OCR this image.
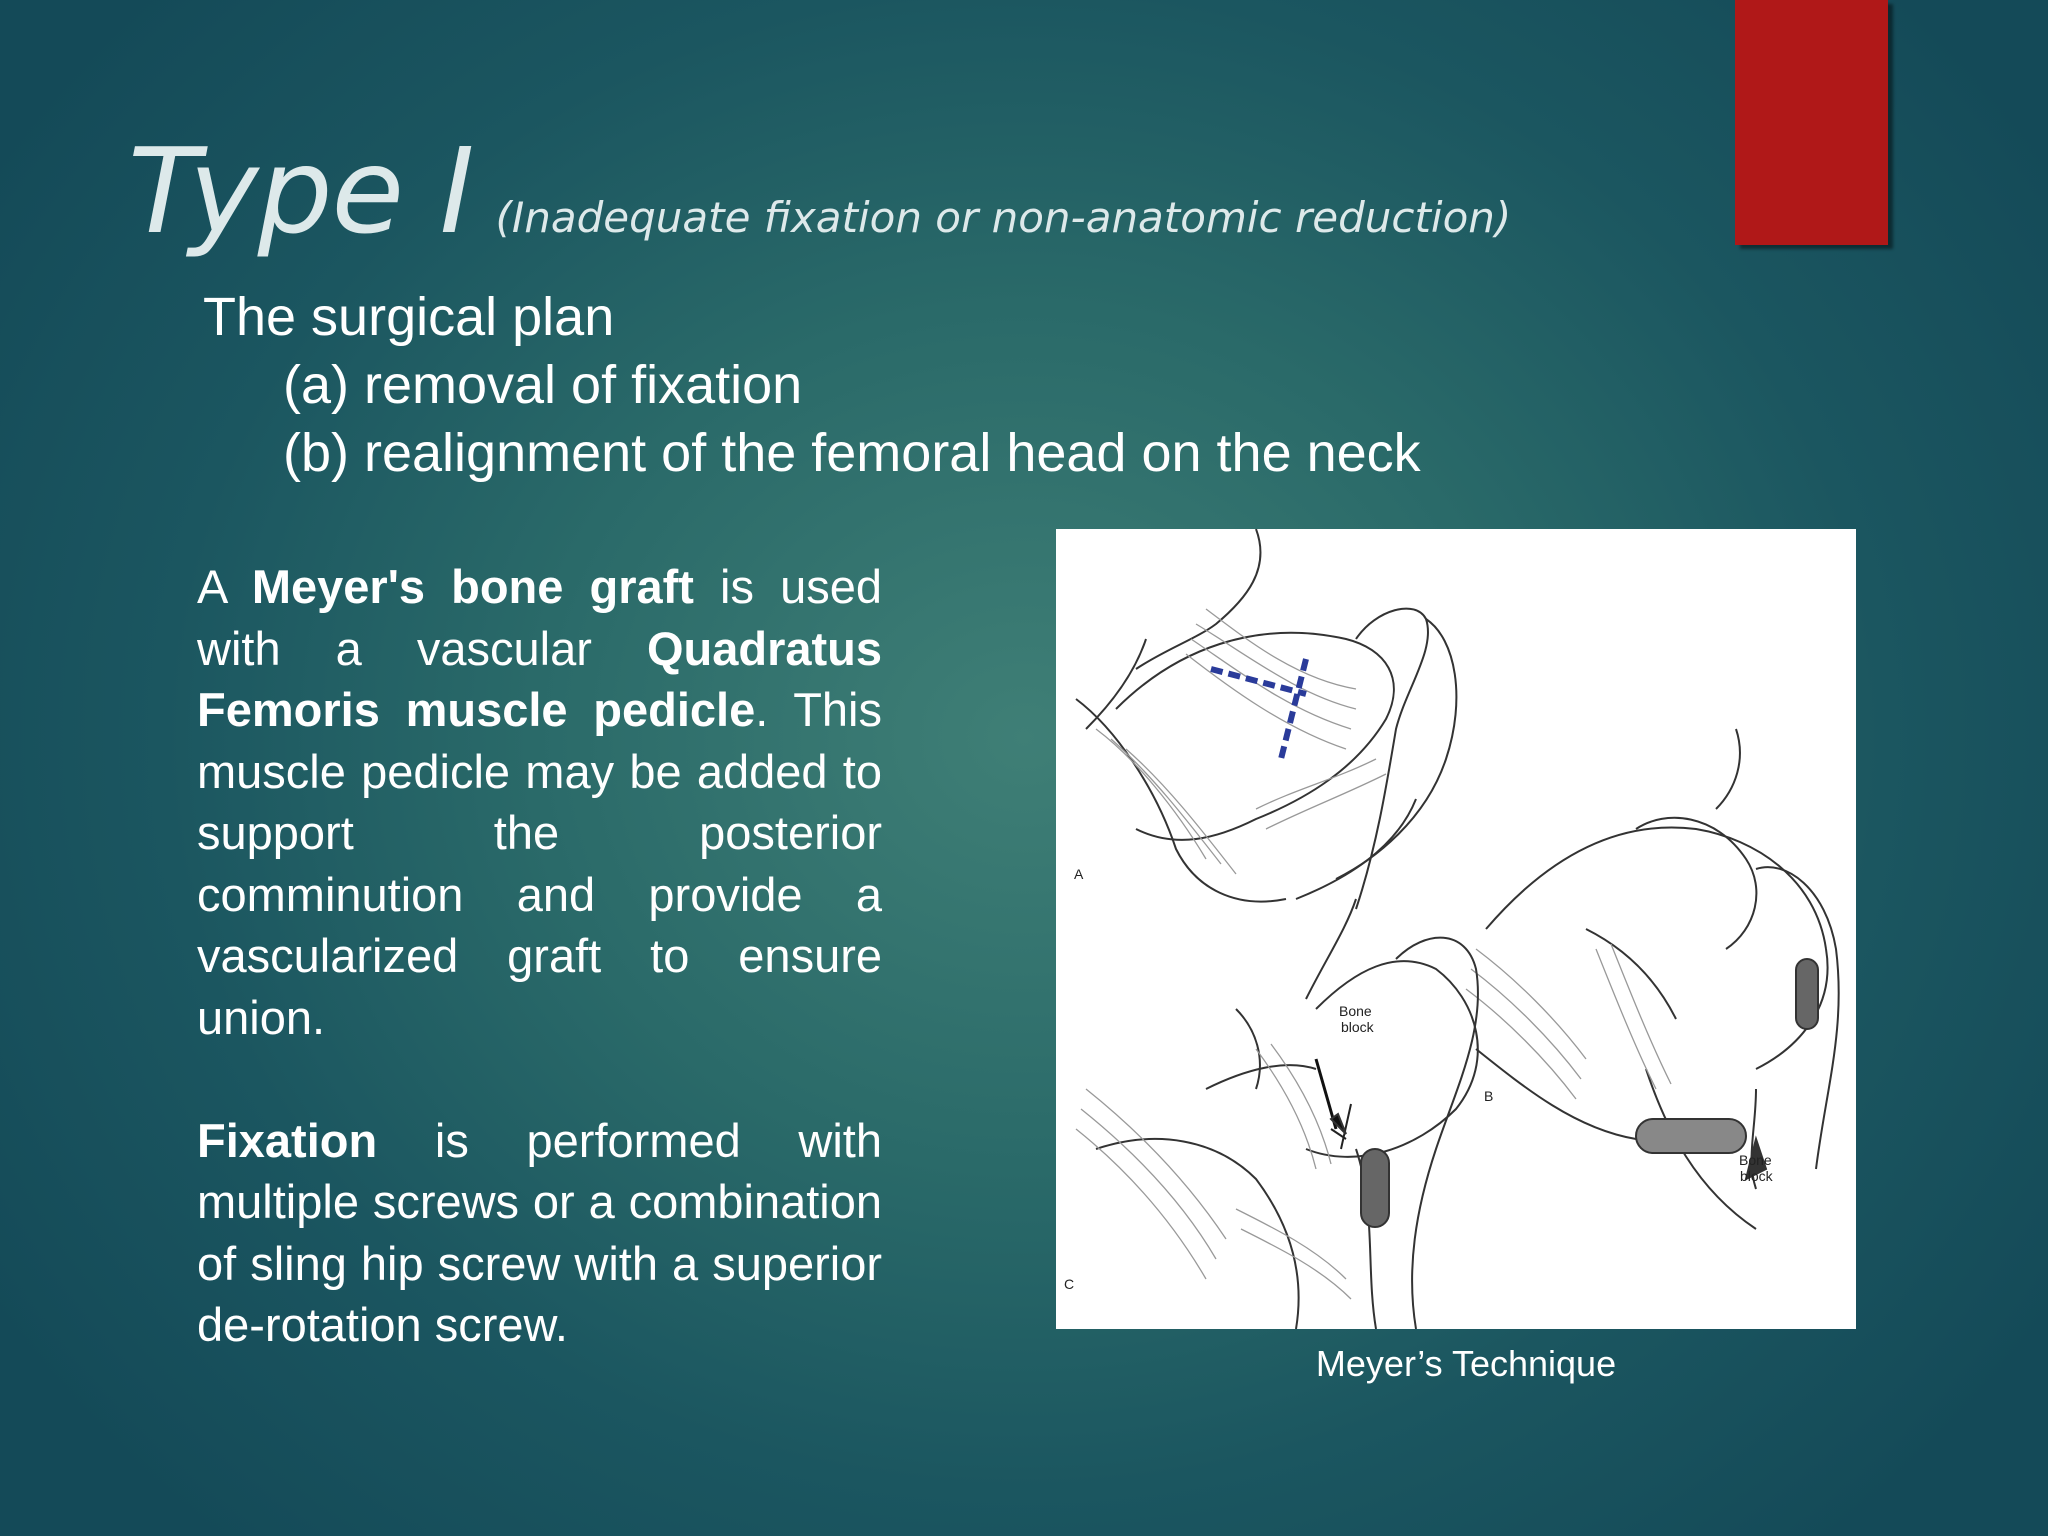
Type I (Inadequate fixation or non-anatomic reduction)
The surgical plan
(a) removal of fixation
(b) realignment of the femoral head on the neck

A Meyer's bone graft is used with a vascular Quadratus Femoris muscle pedicle. This muscle pedicle may be added to support the posterior comminution and provide a vascularized graft to ensure union.

Fixation is performed with multiple screws or a combination of sling hip screw with a superior de-rotation screw.

A
B
C
Bone
block
Bone
block
Meyer’s Technique
